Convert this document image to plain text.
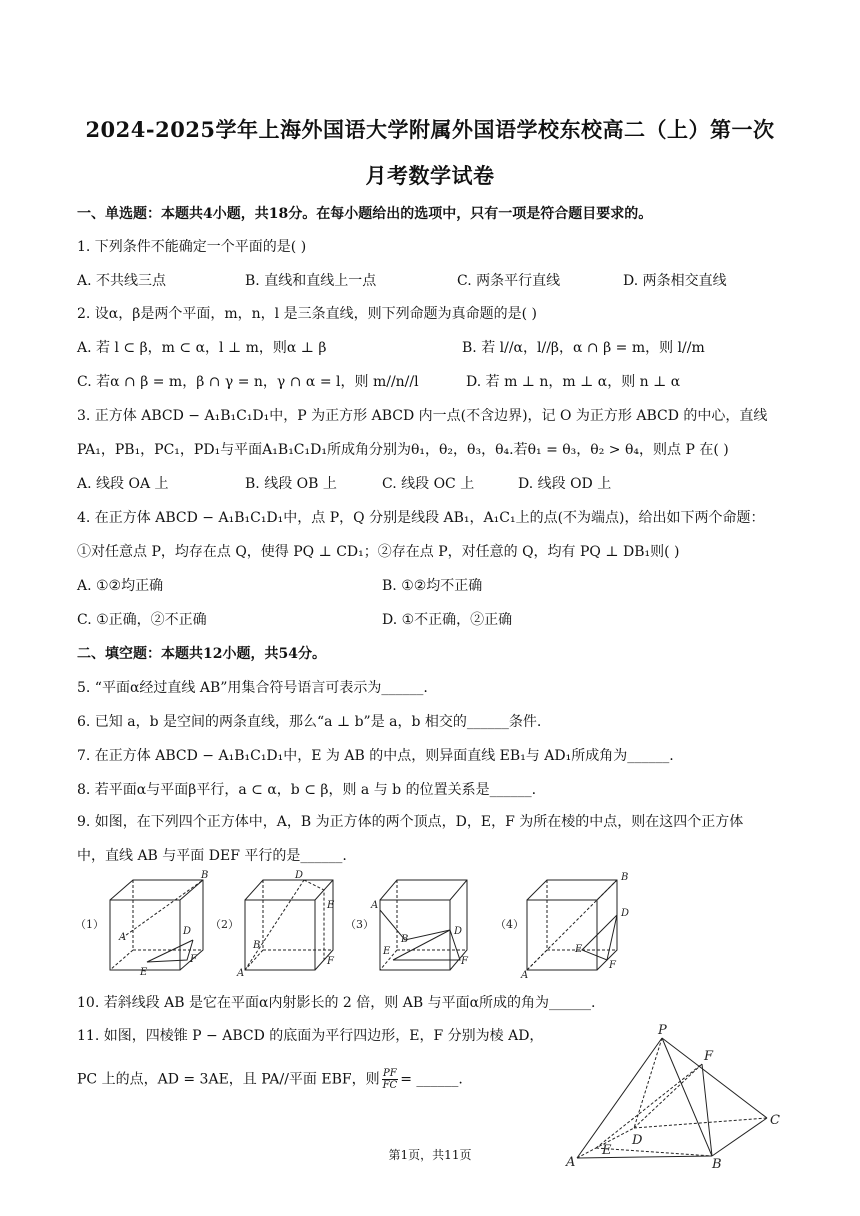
2024-2025学年上海外国语大学附属外国语学校东校高二（上）第一次
月考数学试卷
一、单选题：本题共4小题，共18分。在每小题给出的选项中，只有一项是符合题目要求的。
1. 下列条件不能确定一个平面的是( )
A. 不共线三点	B. 直线和直线上一点	C. 两条平行直线	D. 两条相交直线
2. 设α，β是两个平面，m，n，l 是三条直线，则下列命题为真命题的是( )
A. 若 l ⊂ β，m ⊂ α，l ⊥ m，则α ⊥ β	B. 若 l//α，l//β，α ∩ β = m，则 l//m
C. 若α ∩ β = m，β ∩ γ = n，γ ∩ α = l，则 m//n//l	D. 若 m ⊥ n，m ⊥ α，则 n ⊥ α
3. 正方体 ABCD − A₁B₁C₁D₁中，P 为正方形 ABCD 内一点(不含边界)，记 O 为正方形 ABCD 的中心，直线
PA₁，PB₁，PC₁，PD₁与平面A₁B₁C₁D₁所成角分别为θ₁，θ₂，θ₃，θ₄.若θ₁ = θ₃，θ₂ > θ₄，则点 P 在( )
A. 线段 OA 上	B. 线段 OB 上	C. 线段 OC 上	D. 线段 OD 上
4. 在正方体 ABCD − A₁B₁C₁D₁中，点 P，Q 分别是线段 AB₁，A₁C₁上的点(不为端点)，给出如下两个命题：
①对任意点 P，均存在点 Q，使得 PQ ⊥ CD₁；②存在点 P，对任意的 Q，均有 PQ ⊥ DB₁则( )
A. ①②均正确	B. ①②均不正确
C. ①正确，②不正确	D. ①不正确，②正确
二、填空题：本题共12小题，共54分。
5. “平面α经过直线 AB”用集合符号语言可表示为______.
6. 已知 a，b 是空间的两条直线，那么“a ⊥ b”是 a，b 相交的______条件.
7. 在正方体 ABCD − A₁B₁C₁D₁中，E 为 AB 的中点，则异面直线 EB₁与 AD₁所成角为______.
8. 若平面α与平面β平行，a ⊂ α，b ⊂ β，则 a 与 b 的位置关系是______.
9. 如图，在下列四个正方体中，A，B 为正方体的两个顶点，D，E，F 为所在棱的中点，则在这四个正方体
中，直线 AB 与平面 DEF 平行的是______.
（1）
B
A
D
E
F
（2）
D
E
B
F
A
（3）
A
B
D
E
F
（4）
B
D
E
F
A
10. 若斜线段 AB 是它在平面α内射影长的 2 倍，则 AB 与平面α所成的角为______.
11. 如图，四棱锥 P − ABCD 的底面为平行四边形，E，F 分别为棱 AD，
PC 上的点，AD = 3AE，且 PA//平面 EBF，则 $\frac{PF}{FC}$ = ______.
P
F
C
D
E
A	B
第1页，共11页
